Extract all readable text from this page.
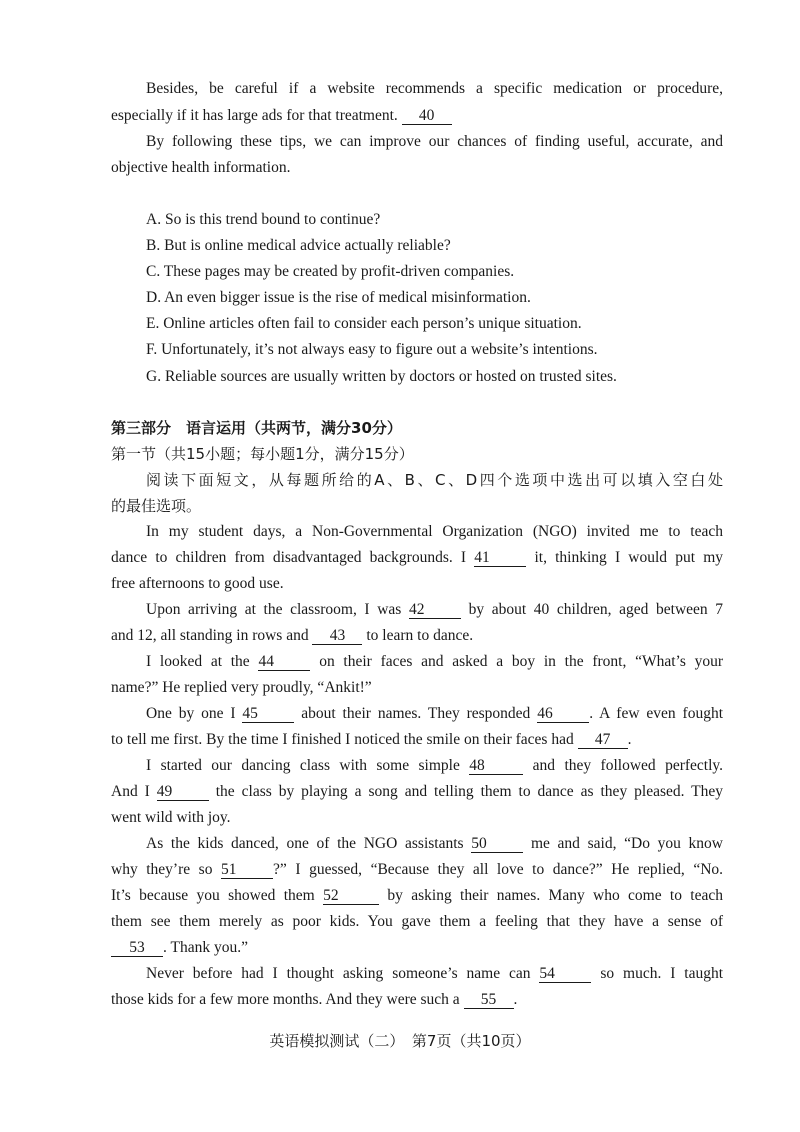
Besides, be careful if a website recommends a specific medication or procedure,
especially if it has large ads for that treatment. 40
By following these tips, we can improve our chances of finding useful, accurate, and
objective health information.
A. So is this trend bound to continue?
B. But is online medical advice actually reliable?
C. These pages may be created by profit-driven companies.
D. An even bigger issue is the rise of medical misinformation.
E. Online articles often fail to consider each person’s unique situation.
F. Unfortunately, it’s not always easy to figure out a website’s intentions.
G. Reliable sources are usually written by doctors or hosted on trusted sites.
第三部分　语言运用（共两节，满分30分）
第一节（共15小题；每小题1分，满分15分）
阅读下面短文，从每题所给的A、B、C、D四个选项中选出可以填入空白处
的最佳选项。
In my student days, a Non-Governmental Organization (NGO) invited me to teach
dance to children from disadvantaged backgrounds. I 41	it, thinking I would put my
free afternoons to good use.
Upon arriving at the classroom, I was 42	by about 40 children, aged between 7
and 12, all standing in rows and 43 to learn to dance.
I looked at the 44	on their faces and asked a boy in the front, “What’s your
name?” He replied very proudly, “Ankit!”
One by one I 45	about their names. They responded 46 . A few even fought
to tell me first. By the time I finished I noticed the smile on their faces had 47 .
I started our dancing class with some simple 48	and they followed perfectly.
And I 49	the class by playing a song and telling them to dance as they pleased. They
went wild with joy.
As the kids danced, one of the NGO assistants 50	me and said, “Do you know
why they’re so 51 ?” I guessed, “Because they all love to dance?” He replied, “No.
It’s because you showed them 52	by asking their names. Many who come to teach
them see them merely as poor kids. You gave them a feeling that they have a sense of
53 . Thank you.”
Never before had I thought asking someone’s name can 54	so much. I taught
those kids for a few more months. And they were such a 55 .
英语模拟测试（二）　第7页（共10页）
